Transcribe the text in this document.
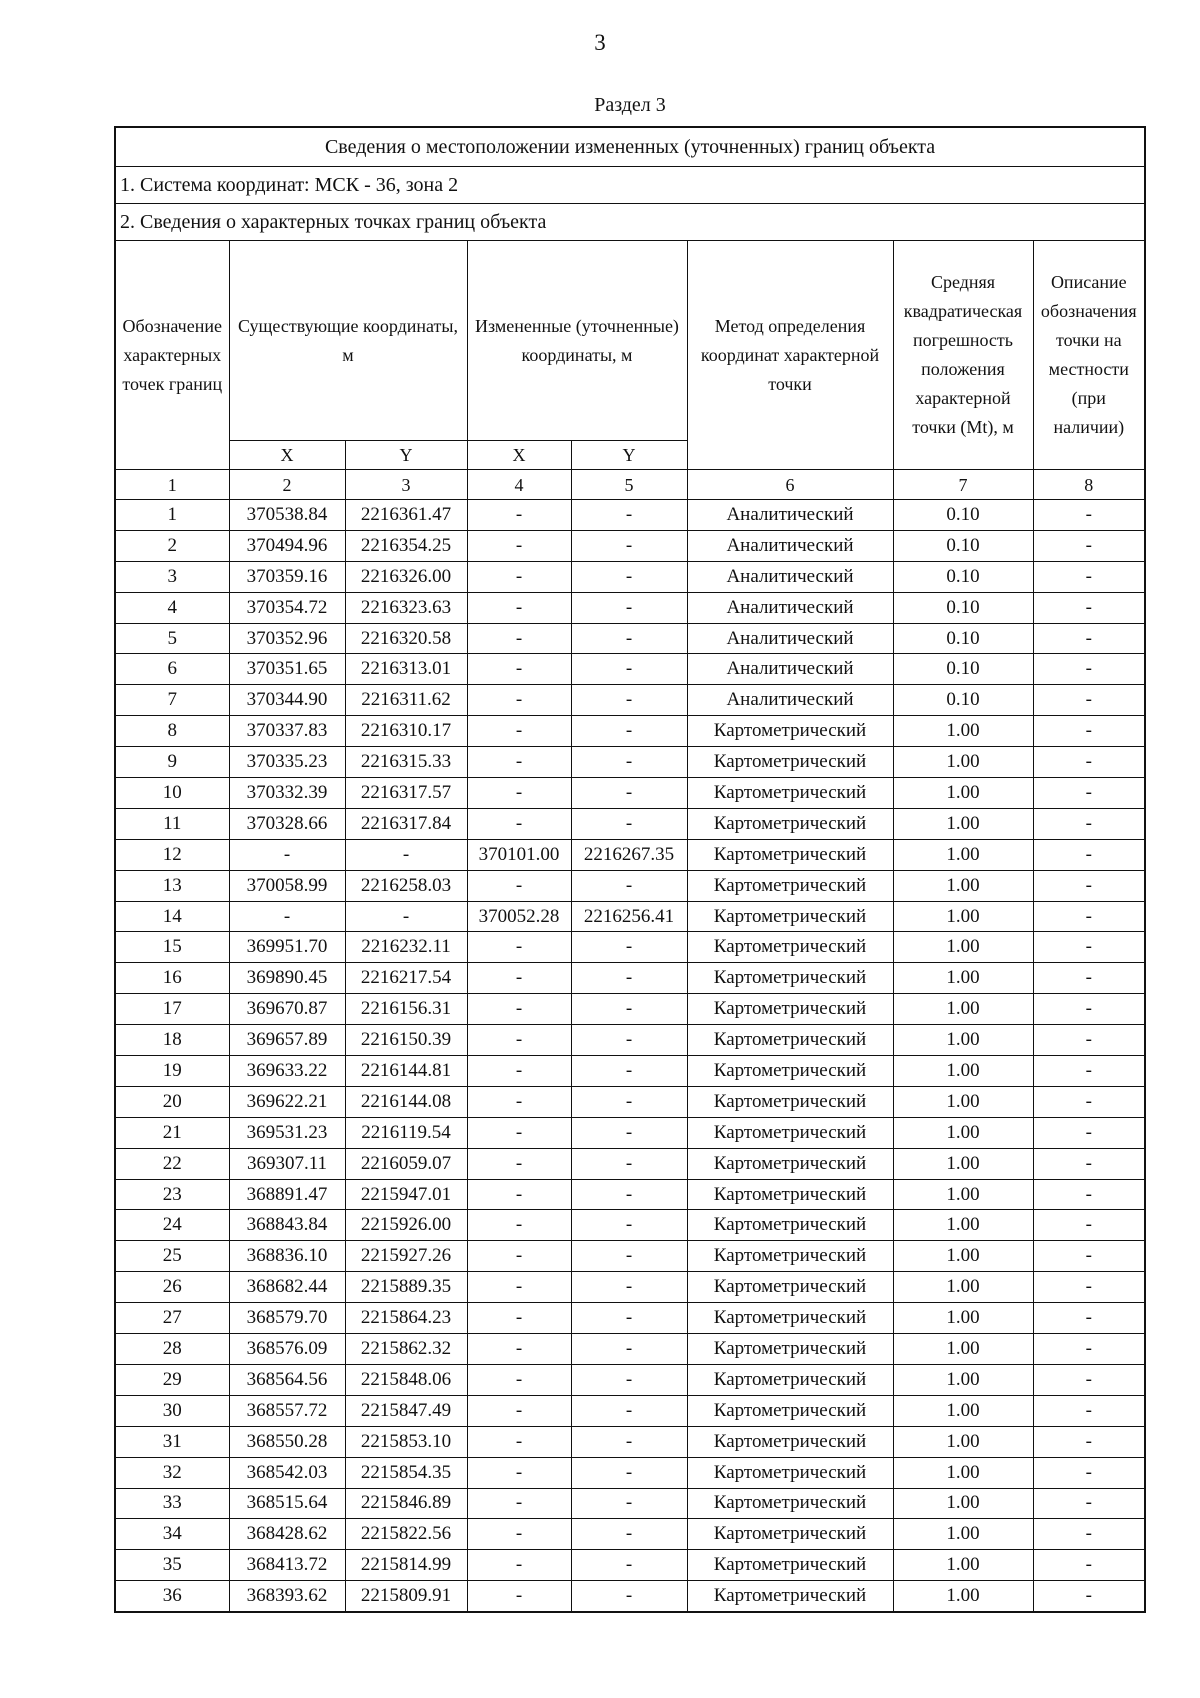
3
Раздел 3
Сведения о местоположении измененных (уточненных) границ объекта							
1. Система координат: МСК - 36, зона 2							
2. Сведения о характерных точках границ объекта							
Обозначение характерных точек границ	Существующие координаты, м		Измененные (уточненные) координаты, м		Метод определения координат характерной точки	Средняя квадратическая погрешность положения характерной точки (Mt), м	Описание обозначения точки на местности (при наличии)
	X	Y	X	Y			
1	2	3	4	5	6	7	8
1	370538.84	2216361.47	-	-	Аналитический	0.10	-
2	370494.96	2216354.25	-	-	Аналитический	0.10	-
3	370359.16	2216326.00	-	-	Аналитический	0.10	-
4	370354.72	2216323.63	-	-	Аналитический	0.10	-
5	370352.96	2216320.58	-	-	Аналитический	0.10	-
6	370351.65	2216313.01	-	-	Аналитический	0.10	-
7	370344.90	2216311.62	-	-	Аналитический	0.10	-
8	370337.83	2216310.17	-	-	Картометрический	1.00	-
9	370335.23	2216315.33	-	-	Картометрический	1.00	-
10	370332.39	2216317.57	-	-	Картометрический	1.00	-
11	370328.66	2216317.84	-	-	Картометрический	1.00	-
12	-	-	370101.00	2216267.35	Картометрический	1.00	-
13	370058.99	2216258.03	-	-	Картометрический	1.00	-
14	-	-	370052.28	2216256.41	Картометрический	1.00	-
15	369951.70	2216232.11	-	-	Картометрический	1.00	-
16	369890.45	2216217.54	-	-	Картометрический	1.00	-
17	369670.87	2216156.31	-	-	Картометрический	1.00	-
18	369657.89	2216150.39	-	-	Картометрический	1.00	-
19	369633.22	2216144.81	-	-	Картометрический	1.00	-
20	369622.21	2216144.08	-	-	Картометрический	1.00	-
21	369531.23	2216119.54	-	-	Картометрический	1.00	-
22	369307.11	2216059.07	-	-	Картометрический	1.00	-
23	368891.47	2215947.01	-	-	Картометрический	1.00	-
24	368843.84	2215926.00	-	-	Картометрический	1.00	-
25	368836.10	2215927.26	-	-	Картометрический	1.00	-
26	368682.44	2215889.35	-	-	Картометрический	1.00	-
27	368579.70	2215864.23	-	-	Картометрический	1.00	-
28	368576.09	2215862.32	-	-	Картометрический	1.00	-
29	368564.56	2215848.06	-	-	Картометрический	1.00	-
30	368557.72	2215847.49	-	-	Картометрический	1.00	-
31	368550.28	2215853.10	-	-	Картометрический	1.00	-
32	368542.03	2215854.35	-	-	Картометрический	1.00	-
33	368515.64	2215846.89	-	-	Картометрический	1.00	-
34	368428.62	2215822.56	-	-	Картометрический	1.00	-
35	368413.72	2215814.99	-	-	Картометрический	1.00	-
36	368393.62	2215809.91	-	-	Картометрический	1.00	-
